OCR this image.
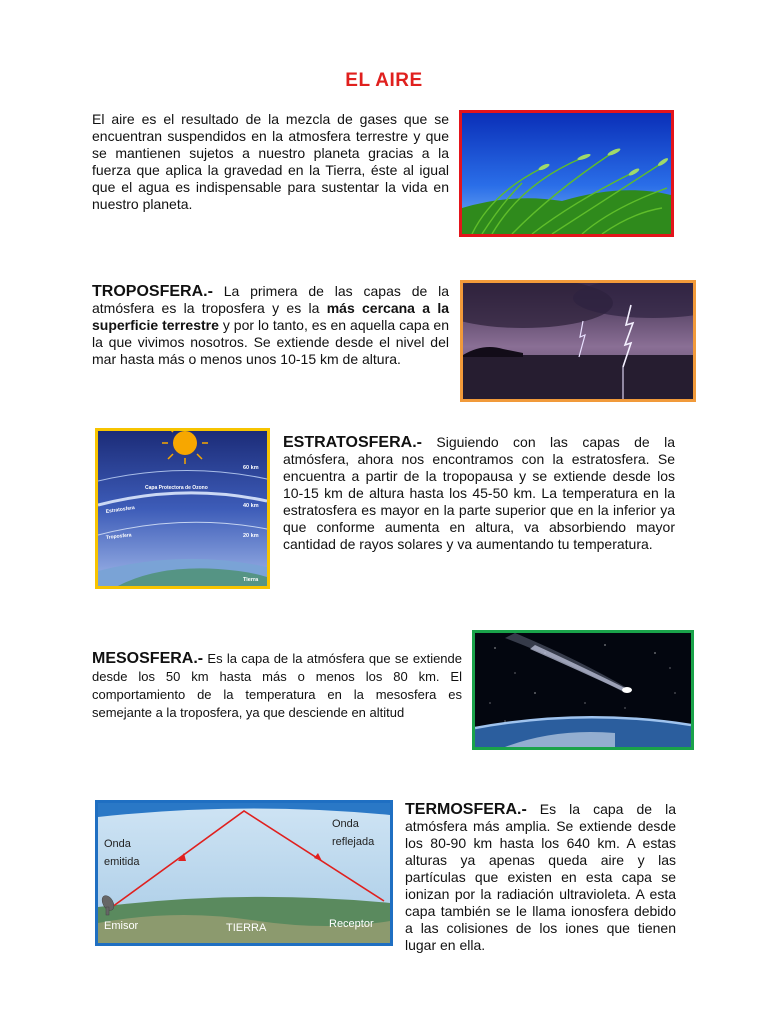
EL AIRE
El aire es el resultado de la mezcla de gases que se encuentran suspendidos en la atmosfera terrestre y que se mantienen sujetos a nuestro planeta gracias a la fuerza que aplica la gravedad en la Tierra, éste al igual que el agua es indispensable para sustentar la vida en nuestro planeta.
TROPOSFERA.- La primera de las capas de la atmósfera es la troposfera y es la más cercana a la superficie terrestre y por lo tanto, es en aquella capa en la que vivimos nosotros. Se extiende desde el nivel del mar hasta más o menos unos 10-15 km de altura.
60 km
Capa Protectora de Ozono
40 km
Estratosfera
Troposfera	20 km
Tierra
ESTRATOSFERA.- Siguiendo con las capas de la atmósfera, ahora nos encontramos con la estratosfera. Se encuentra a partir de la tropopausa y se extiende desde los 10-15 km de altura hasta los 45-50 km. La temperatura en la estratosfera es mayor en la parte superior que en la inferior ya que conforme aumenta en altura, va absorbiendo mayor cantidad de rayos solares y va aumentando tu temperatura.
MESOSFERA.- Es la capa de la atmósfera que se extiende desde los 50 km hasta más o menos los 80 km. El comportamiento de la temperatura en la mesosfera es semejante a la troposfera, ya que desciende en altitud
Onda
emitida
Onda
reflejada
Emisor	TIERRA	Receptor
TERMOSFERA.- Es la capa de la atmósfera más amplia. Se extiende desde los 80-90 km hasta los 640 km. A estas alturas ya apenas queda aire y las partículas que existen en esta capa se ionizan por la radiación ultravioleta. A esta capa también se le llama ionosfera debido a las colisiones de los iones que tienen lugar en ella.
